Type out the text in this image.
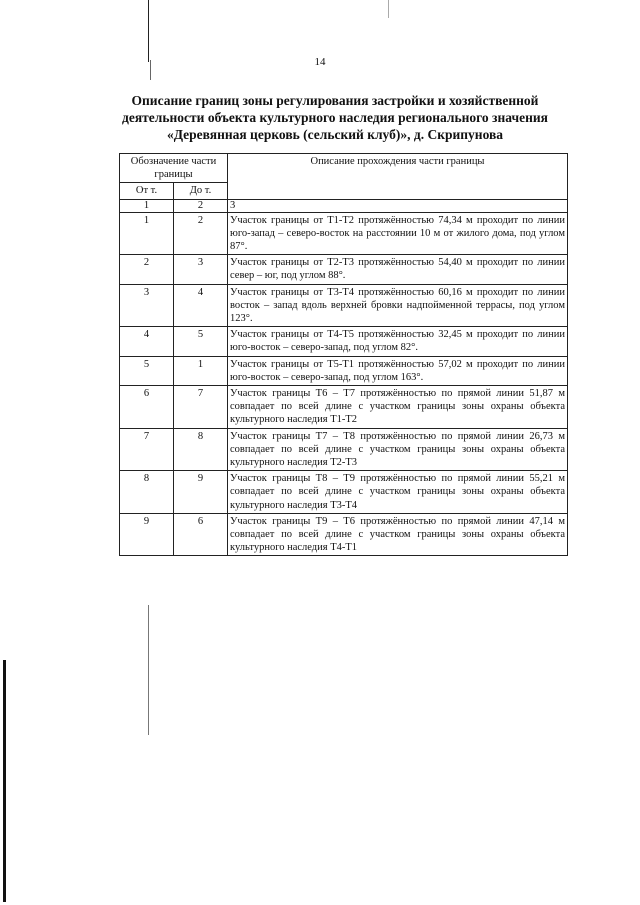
14
Описание границ зоны регулирования застройки и хозяйственной
деятельности объекта культурного наследия регионального значения
«Деревянная церковь (сельский клуб)», д. Скрипунова
Обозначение части границы		Описание прохождения части границы
От т.	До т.	
1	2	3
1	2	Участок границы от Т1-Т2 протяжённостью 74,34 м проходит по линии юго-запад – северо-восток на расстоянии 10 м от жилого дома, под углом 87°.
2	3	Участок границы от Т2-Т3 протяжённостью 54,40 м проходит по линии север – юг, под углом 88°.
3	4	Участок границы от Т3-Т4 протяжённостью 60,16 м проходит по линии восток – запад вдоль верхней бровки надпойменной террасы, под углом 123°.
4	5	Участок границы от Т4-Т5 протяжённостью 32,45 м проходит по линии юго-восток – северо-запад, под углом 82°.
5	1	Участок границы от Т5-Т1 протяжённостью 57,02 м проходит по линии юго-восток – северо-запад, под углом 163°.
6	7	Участок границы Т6 – Т7 протяжённостью по прямой линии 51,87 м совпадает по всей длине с участком границы зоны охраны объекта культурного наследия Т1-Т2
7	8	Участок границы Т7 – Т8 протяжённостью по прямой линии 26,73 м совпадает по всей длине с участком границы зоны охраны объекта культурного наследия Т2-Т3
8	9	Участок границы Т8 – Т9 протяжённостью по прямой линии 55,21 м совпадает по всей длине с участком границы зоны охраны объекта культурного наследия Т3-Т4
9	6	Участок границы Т9 – Т6 протяжённостью по прямой линии 47,14 м совпадает по всей длине с участком границы зоны охраны объекта культурного наследия Т4-Т1
